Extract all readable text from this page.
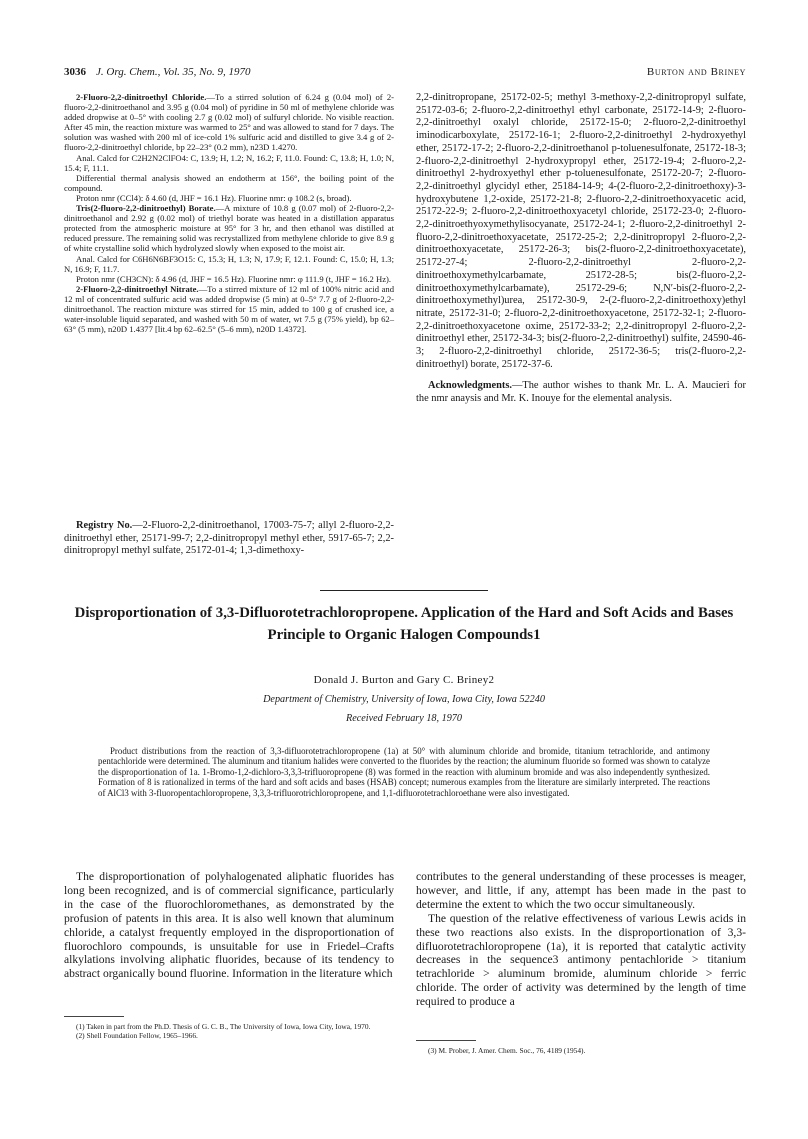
3036 J. Org. Chem., Vol. 35, No. 9, 1970	Burton and Briney

2-Fluoro-2,2-dinitroethyl Chloride.—To a stirred solution of 6.24 g (0.04 mol) of 2-fluoro-2,2-dinitroethanol and 3.95 g (0.04 mol) of pyridine in 50 ml of methylene chloride was added dropwise at 0–5° with cooling 2.7 g (0.02 mol) of sulfuryl chloride. No visible reaction. After 45 min, the reaction mixture was warmed to 25° and was allowed to stand for 7 days. The solution was washed with 200 ml of ice-cold 1% sulfuric acid and distilled to give 3.4 g of 2-fluoro-2,2-dinitroethyl chloride, bp 22–23° (0.2 mm), n23D 1.4270.

Anal. Calcd for C2H2N2ClFO4: C, 13.9; H, 1.2; N, 16.2; F, 11.0. Found: C, 13.8; H, 1.0; N, 15.4; F, 11.1.

Differential thermal analysis showed an endotherm at 156°, the boiling point of the compound.

Proton nmr (CCl4): δ 4.60 (d, JHF = 16.1 Hz). Fluorine nmr: φ 108.2 (s, broad).

Tris(2-fluoro-2,2-dinitroethyl) Borate.—A mixture of 10.8 g (0.07 mol) of 2-fluoro-2,2-dinitroethanol and 2.92 g (0.02 mol) of triethyl borate was heated in a distillation apparatus protected from the atmospheric moisture at 95° for 3 hr, and then ethanol was distilled at reduced pressure. The remaining solid was recrystallized from methylene chloride to give 8.9 g of white crystalline solid which hydrolyzed slowly when exposed to the moist air.

Anal. Calcd for C6H6N6BF3O15: C, 15.3; H, 1.3; N, 17.9; F, 12.1. Found: C, 15.0; H, 1.3; N, 16.9; F, 11.7.

Proton nmr (CH3CN): δ 4.96 (d, JHF = 16.5 Hz). Fluorine nmr: φ 111.9 (t, JHF = 16.2 Hz).

2-Fluoro-2,2-dinitroethyl Nitrate.—To a stirred mixture of 12 ml of 100% nitric acid and 12 ml of concentrated sulfuric acid was added dropwise (5 min) at 0–5° 7.7 g of 2-fluoro-2,2-dinitroethanol. The reaction mixture was stirred for 15 min, added to 100 g of crushed ice, a water-insoluble liquid separated, and washed with 50 m of water, wt 7.5 g (75% yield), bp 62–63° (5 mm), n20D 1.4377 [lit.4 bp 62–62.5° (5–6 mm), n20D 1.4372].

Registry No.—2-Fluoro-2,2-dinitroethanol, 17003-75-7; allyl 2-fluoro-2,2-dinitroethyl ether, 25171-99-7; 2,2-dinitropropyl methyl ether, 5917-65-7; 2,2-dinitropropyl methyl sulfate, 25172-01-4; 1,3-dimethoxy-

2,2-dinitropropane, 25172-02-5; methyl 3-methoxy-2,2-dinitropropyl sulfate, 25172-03-6; 2-fluoro-2,2-dinitroethyl ethyl carbonate, 25172-14-9; 2-fluoro-2,2-dinitroethyl oxalyl chloride, 25172-15-0; 2-fluoro-2,2-dinitroethyl iminodicarboxylate, 25172-16-1; 2-fluoro-2,2-dinitroethyl 2-hydroxyethyl ether, 25172-17-2; 2-fluoro-2,2-dinitroethanol p-toluenesulfonate, 25172-18-3; 2-fluoro-2,2-dinitroethyl 2-hydroxypropyl ether, 25172-19-4; 2-fluoro-2,2-dinitroethyl 2-hydroxyethyl ether p-toluenesulfonate, 25172-20-7; 2-fluoro-2,2-dinitroethyl glycidyl ether, 25184-14-9; 4-(2-fluoro-2,2-dinitroethoxy)-3-hydroxybutene 1,2-oxide, 25172-21-8; 2-fluoro-2,2-dinitroethoxyacetic acid, 25172-22-9; 2-fluoro-2,2-dinitroethoxyacetyl chloride, 25172-23-0; 2-fluoro-2,2-dinitroethyoxymethylisocyanate, 25172-24-1; 2-fluoro-2,2-dinitroethyl 2-fluoro-2,2-dinitroethoxyacetate, 25172-25-2; 2,2-dinitropropyl 2-fluoro-2,2-dinitroethoxyacetate, 25172-26-3; bis(2-fluoro-2,2-dinitroethoxyacetate), 25172-27-4; 2-fluoro-2,2-dinitroethyl 2-fluoro-2,2-dinitroethoxymethylcarbamate, 25172-28-5; bis(2-fluoro-2,2-dinitroethoxymethylcarbamate), 25172-29-6; N,N′-bis(2-fluoro-2,2-dinitroethoxymethyl)urea, 25172-30-9, 2-(2-fluoro-2,2-dinitroethoxy)ethyl nitrate, 25172-31-0; 2-fluoro-2,2-dinitroethoxyacetone, 25172-32-1; 2-fluoro-2,2-dinitroethoxyacetone oxime, 25172-33-2; 2,2-dinitropropyl 2-fluoro-2,2-dinitroethyl ether, 25172-34-3; bis(2-fluoro-2,2-dinitroethyl) sulfite, 24590-46-3; 2-fluoro-2,2-dinitroethyl chloride, 25172-36-5; tris(2-fluoro-2,2-dinitroethyl) borate, 25172-37-6.

Acknowledgments.—The author wishes to thank Mr. L. A. Maucieri for the nmr anaysis and Mr. K. Inouye for the elemental analysis.

Disproportionation of 3,3-Difluorotetrachloropropene. Application of the Hard and Soft Acids and Bases Principle to Organic Halogen Compounds1
Donald J. Burton and Gary C. Briney2
Department of Chemistry, University of Iowa, Iowa City, Iowa 52240
Received February 18, 1970
Product distributions from the reaction of 3,3-difluorotetrachloropropene (1a) at 50° with aluminum chloride and bromide, titanium tetrachloride, and antimony pentachloride were determined. The aluminum and titanium halides were converted to the fluorides by the reaction; the aluminum fluoride so formed was shown to catalyze the disproportionation of 1a. 1-Bromo-1,2-dichloro-3,3,3-trifluoropropene (8) was formed in the reaction with aluminum bromide and was also independently synthesized. Formation of 8 is rationalized in terms of the hard and soft acids and bases (HSAB) concept; numerous examples from the literature are similarly interpreted. The reactions of AlCl3 with 3-fluoropentachloropropene, 3,3,3-trifluorotrichloropropene, and 1,1-difluorotetrachloroethane were also investigated.

The disproportionation of polyhalogenated aliphatic fluorides has long been recognized, and is of commercial significance, particularly in the case of the fluorochloromethanes, as demonstrated by the profusion of patents in this area. It is also well known that aluminum chloride, a catalyst frequently employed in the disproportionation of fluorochloro compounds, is unsuitable for use in Friedel–Crafts alkylations involving aliphatic fluorides, because of its tendency to abstract organically bound fluorine. Information in the literature which

(1) Taken in part from the Ph.D. Thesis of G. C. B., The University of Iowa, Iowa City, Iowa, 1970.

(2) Shell Foundation Fellow, 1965–1966.

contributes to the general understanding of these processes is meager, however, and little, if any, attempt has been made in the past to determine the extent to which the two occur simultaneously.

The question of the relative effectiveness of various Lewis acids in these two reactions also exists. In the disproportionation of 3,3-difluorotetrachloropropene (1a), it is reported that catalytic activity decreases in the sequence3 antimony pentachloride > titanium tetrachloride > aluminum bromide, aluminum chloride > ferric chloride. The order of activity was determined by the length of time required to produce a

(3) M. Prober, J. Amer. Chem. Soc., 76, 4189 (1954).
